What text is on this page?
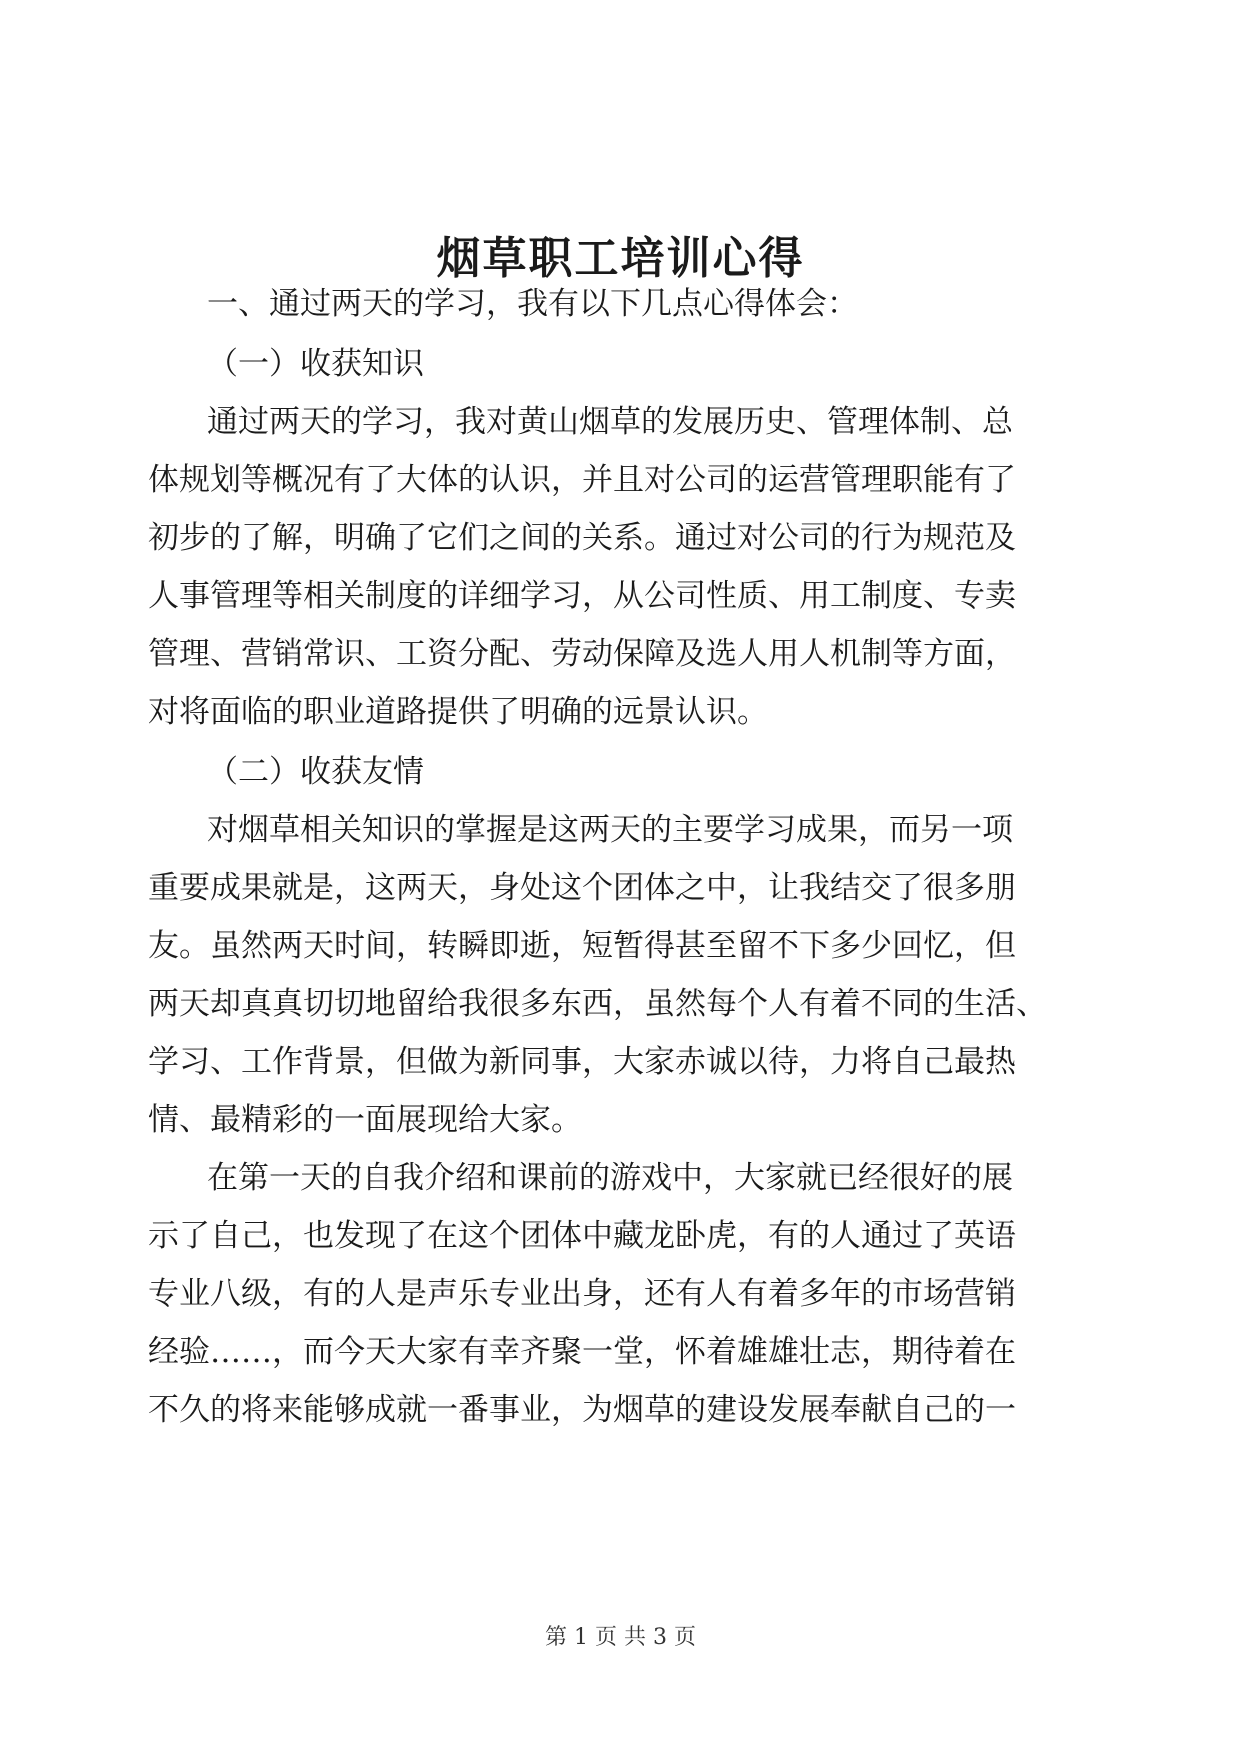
烟草职工培训心得

一、通过两天的学习，我有以下几点心得体会：

（一）收获知识

通过两天的学习，我对黄山烟草的发展历史、管理体制、总

体规划等概况有了大体的认识，并且对公司的运营管理职能有了

初步的了解，明确了它们之间的关系。通过对公司的行为规范及

人事管理等相关制度的详细学习，从公司性质、用工制度、专卖

管理、营销常识、工资分配、劳动保障及选人用人机制等方面，

对将面临的职业道路提供了明确的远景认识。

（二）收获友情

对烟草相关知识的掌握是这两天的主要学习成果，而另一项

重要成果就是，这两天，身处这个团体之中，让我结交了很多朋

友。虽然两天时间，转瞬即逝，短暂得甚至留不下多少回忆，但

两天却真真切切地留给我很多东西，虽然每个人有着不同的生活、

学习、工作背景，但做为新同事，大家赤诚以待，力将自己最热

情、最精彩的一面展现给大家。

在第一天的自我介绍和课前的游戏中，大家就已经很好的展

示了自己，也发现了在这个团体中藏龙卧虎，有的人通过了英语

专业八级，有的人是声乐专业出身，还有人有着多年的市场营销

经验……，而今天大家有幸齐聚一堂，怀着雄雄壮志，期待着在

不久的将来能够成就一番事业，为烟草的建设发展奉献自己的一

第 1 页 共 3 页
